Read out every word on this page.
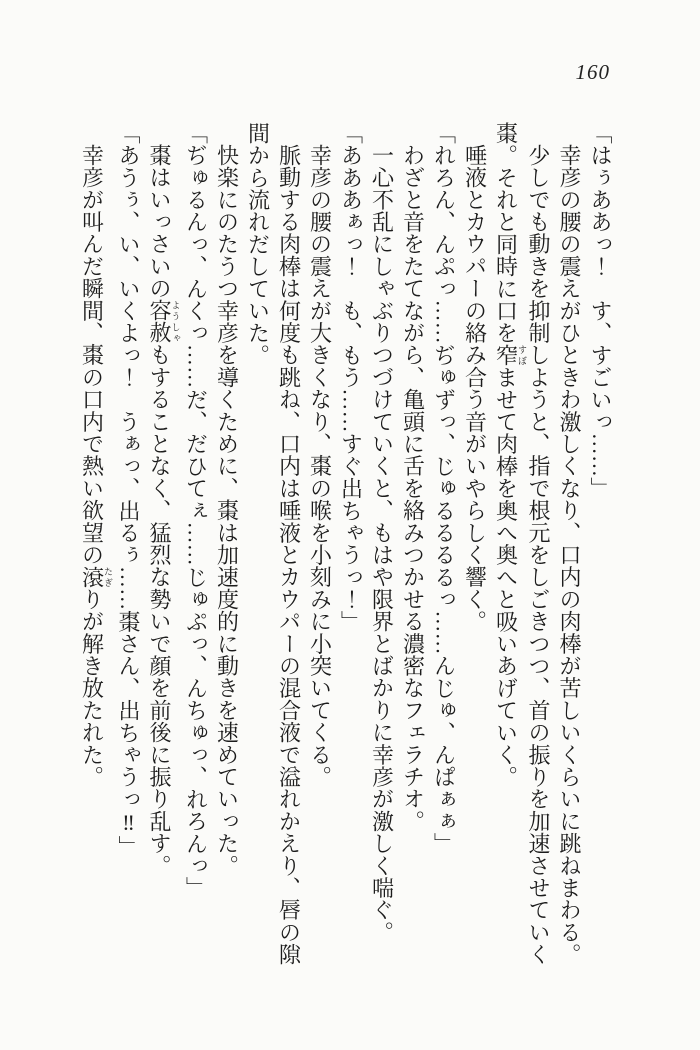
160

「はぅああっ！　す、すごいっ……」

幸彦の腰の震えがひときわ激しくなり、口内の肉棒が苦しいくらいに跳ねまわる。

少しでも動きを抑制しようと、指で根元をしごきつつ、首の振りを加速させていく棗。それと同時に口を窄すぼませて肉棒を奥へ奥へと吸いあげていく。

唾液とカウパーの絡み合う音がいやらしく響く。

「れろん、んぷっ……ぢゅずっ、じゅるるるるっ……んじゅ、んぱぁぁ」

わざと音をたてながら、亀頭に舌を絡みつかせる濃密なフェラチオ。

一心不乱にしゃぶりつづけていくと、もはや限界とばかりに幸彦が激しく喘ぐ。

「あああぁっ！　も、もう……すぐ出ちゃうっ！」

幸彦の腰の震えが大きくなり、棗の喉を小刻みに小突いてくる。

脈動する肉棒は何度も跳ね、口内は唾液とカウパーの混合液で溢れかえり、唇の隙間から流れだしていた。

快楽にのたうつ幸彦を導くために、棗は加速度的に動きを速めていった。

「ぢゅるんっ、んくっ……だ、だひてぇ……じゅぷっ、んちゅっ、れろんっ」

棗はいっさいの容赦ようしゃもすることなく、猛烈な勢いで顔を前後に振り乱す。

「あうぅ、い、いくよっ！　うぁっ、出るぅ……棗さん、出ちゃうっ‼」

幸彦が叫んだ瞬間、棗の口内で熱い欲望の滾たぎりが解き放たれた。
